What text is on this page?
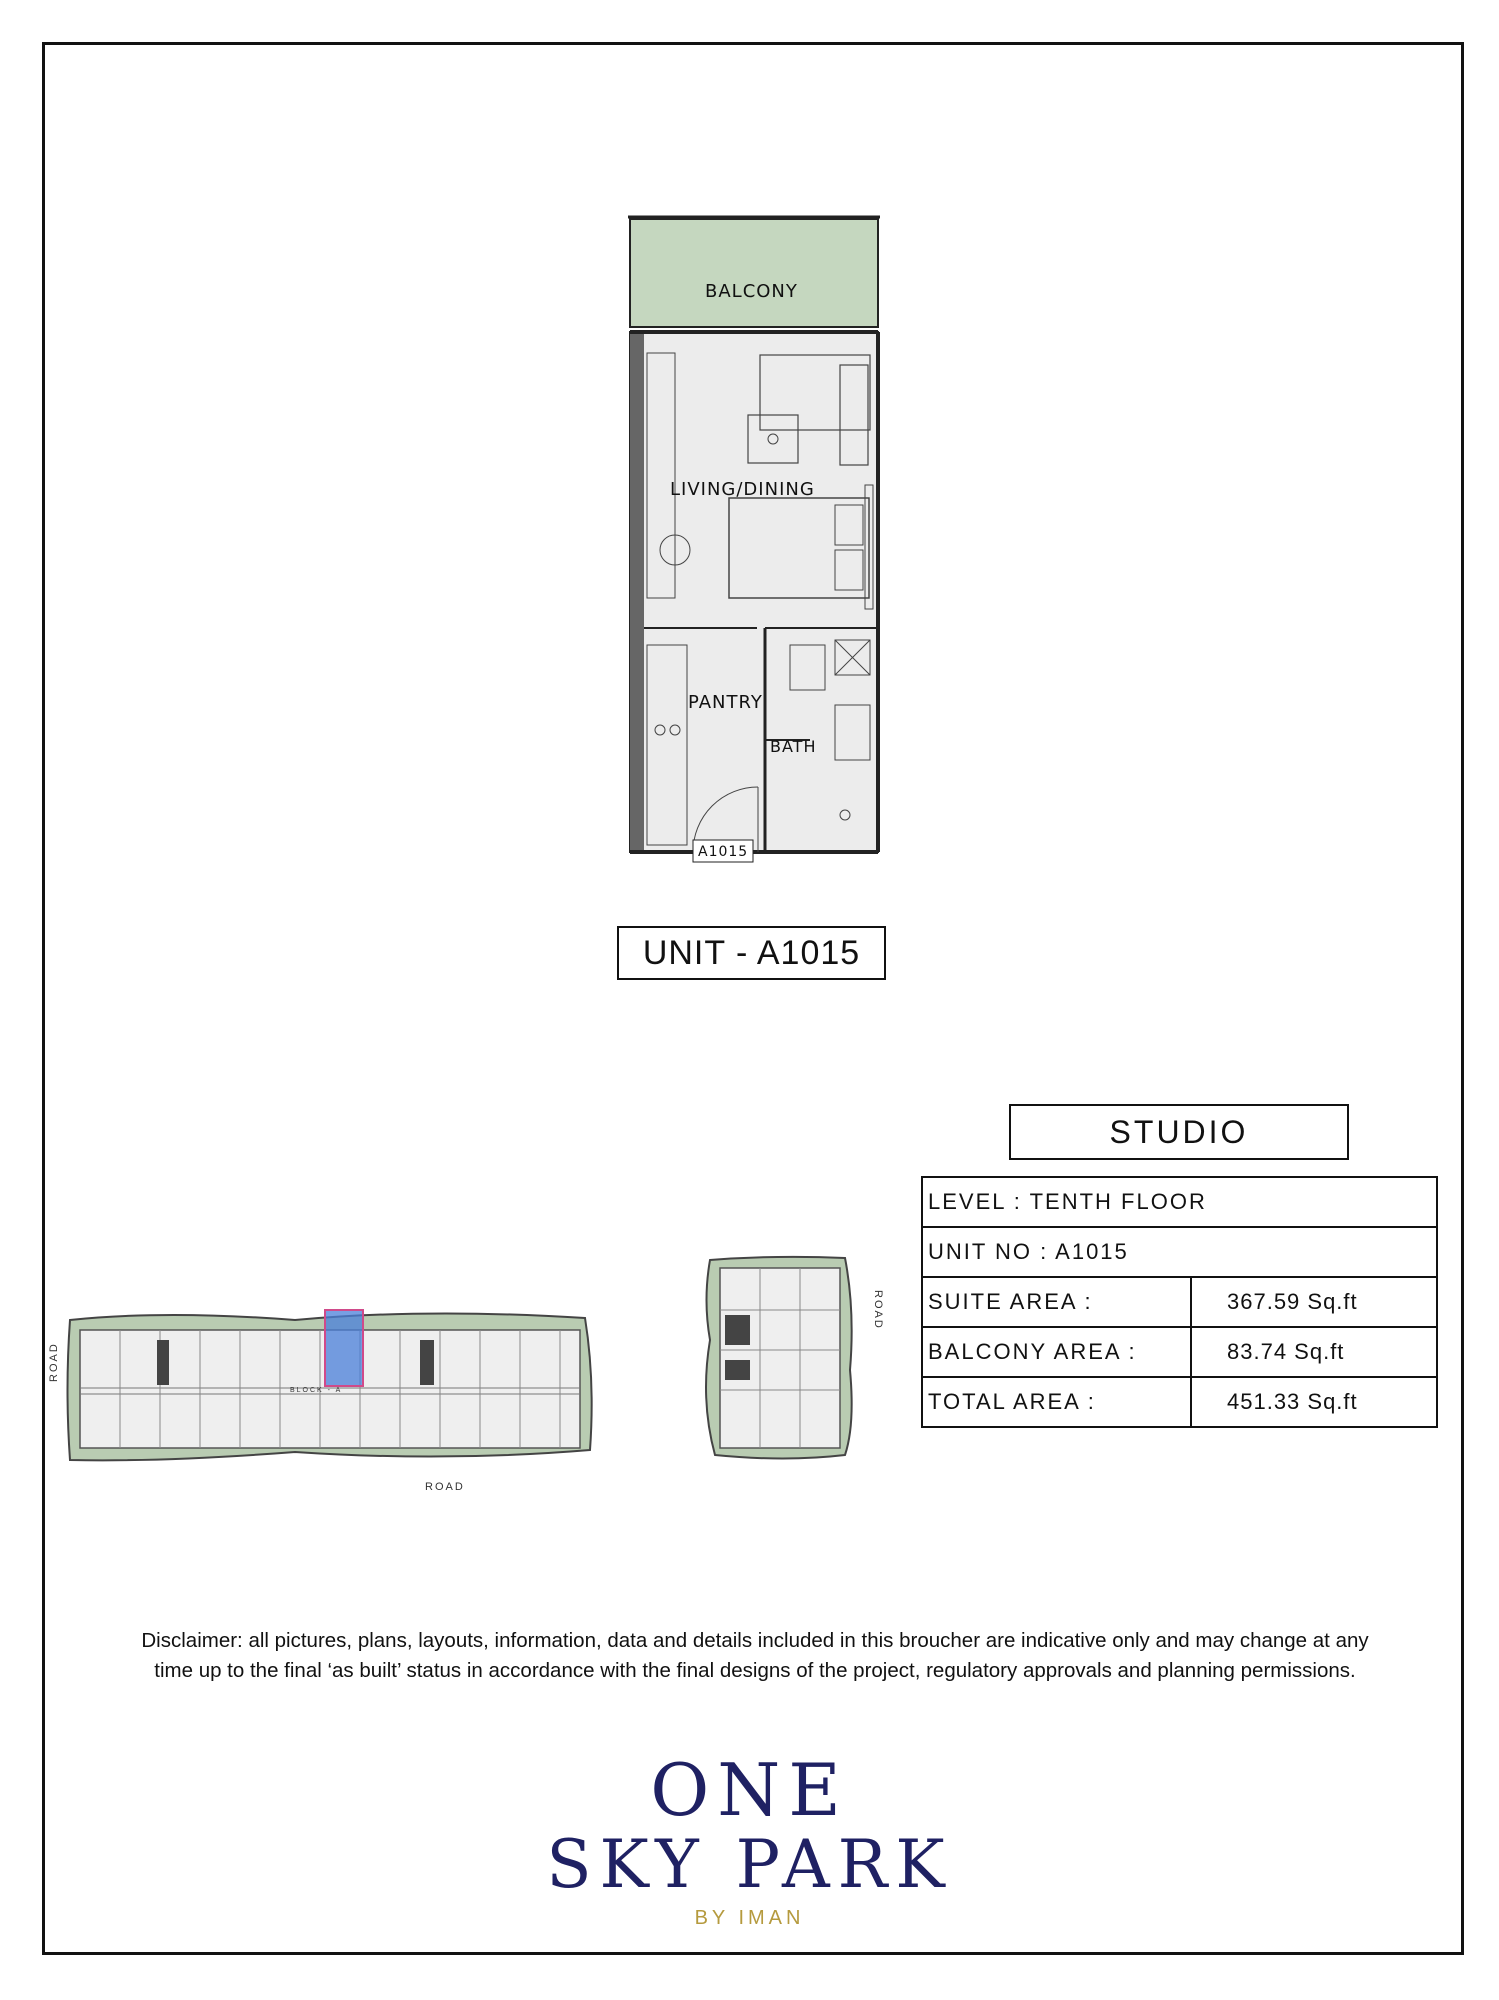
BALCONY
LIVING/DINING
PANTRY
BATH
A1015
UNIT - A1015
BLOCK - A
ROAD
ROAD
ROAD
STUDIO
LEVEL : TENTH FLOOR	
UNIT NO : A1015	
SUITE AREA :	367.59 Sq.ft
BALCONY AREA :	83.74 Sq.ft
TOTAL AREA :	451.33 Sq.ft
Disclaimer: all pictures, plans, layouts, information, data and details included in this broucher are indicative only and may change at any time up to the final ‘as built’ status in accordance with the final designs of the project, regulatory approvals and planning permissions.
ONE
SKY PARK
BY IMAN
